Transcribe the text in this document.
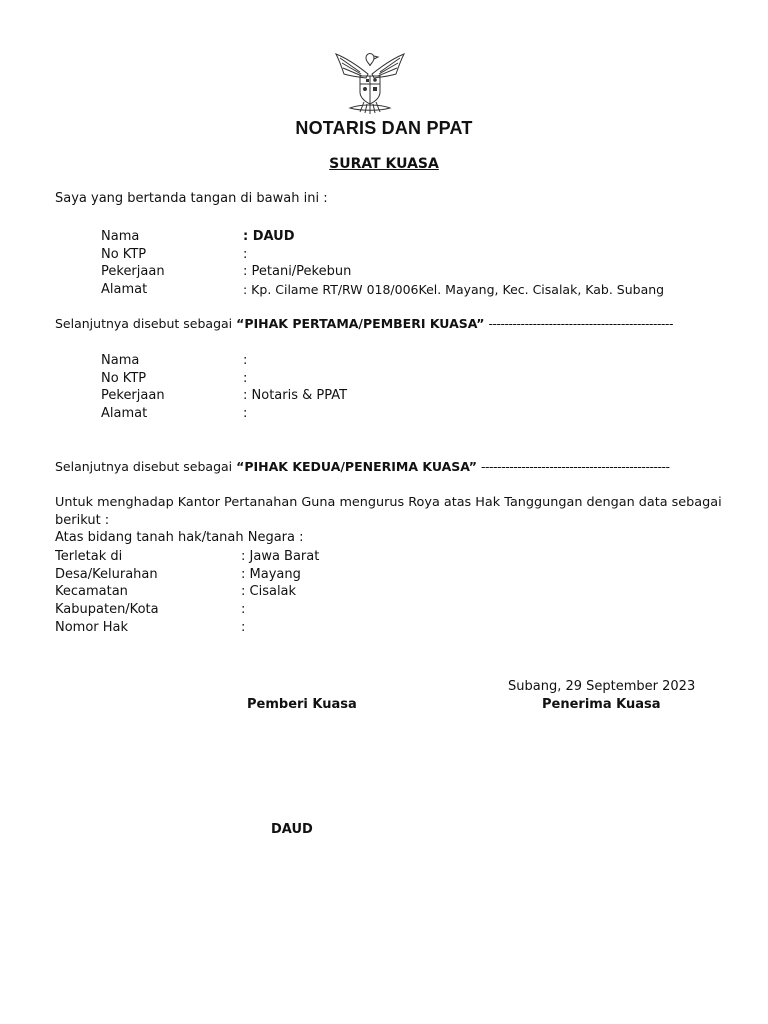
NOTARIS DAN PPAT
SURAT KUASA
Saya yang bertanda tangan di bawah ini :
Nama	: DAUD
No KTP	:
Pekerjaan	: Petani/Pekebun
Alamat	: Kp. Cilame RT/RW 018/006Kel. Mayang, Kec. Cisalak, Kab. Subang
Selanjutnya disebut sebagai “PIHAK PERTAMA/PEMBERI KUASA” ----------------------------------------------
Nama	:
No KTP	:
Pekerjaan	: Notaris & PPAT
Alamat	:
Selanjutnya disebut sebagai “PIHAK KEDUA/PENERIMA KUASA” -----------------------------------------------
Untuk menghadap Kantor Pertanahan Guna mengurus Roya atas Hak Tanggungan dengan data sebagai
berikut :
Atas bidang tanah hak/tanah Negara :
Terletak di	: Jawa Barat
Desa/Kelurahan	: Mayang
Kecamatan	: Cisalak
Kabupaten/Kota	:
Nomor Hak	:
Subang, 29 September 2023
Pemberi Kuasa	Penerima Kuasa
DAUD
